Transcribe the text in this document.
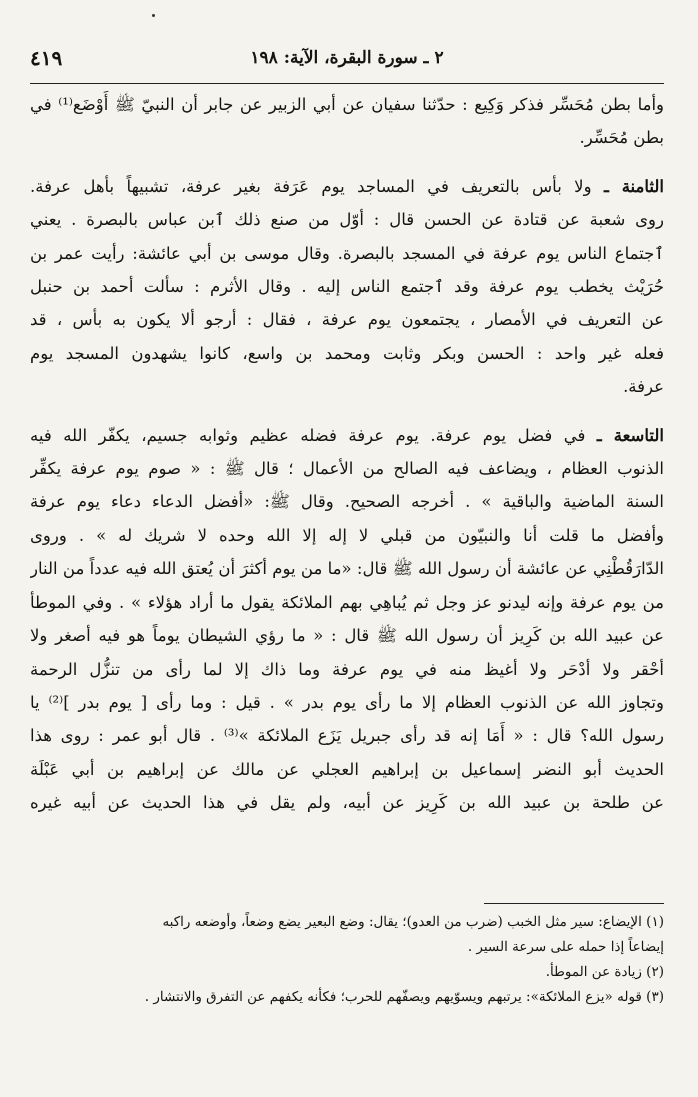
٢ ـ سورة البقرة، الآية: ١٩٨
٤١٩

وأما بطن مُحَسِّر فذكر وَكِيع : حدّثنا سفيان عن أبي الزبير عن جابر أن النبيّ ﷺ أَوْضَع⁽¹⁾ في
بطن مُحَسِّر.

الثامنة ـ ولا بأس بالتعريف في المساجد يوم عَرَفة بغير عرفة، تشبيهاً بأهل عرفة.
روى شعبة عن قتادة عن الحسن قال : أوّل من صنع ذلك ٱبن عباس بالبصرة . يعني
ٱجتماع الناس يوم عرفة في المسجد بالبصرة. وقال موسى بن أبي عائشة: رأيت عمر بن
حُرَيْث يخطب يوم عرفة وقد ٱجتمع الناس إليه . وقال الأثرم : سألت أحمد بن حنبل
عن التعريف في الأمصار ، يجتمعون يوم عرفة ، فقال : أرجو ألا يكون به بأس ، قد
فعله غير واحد : الحسن وبكر وثابت ومحمد بن واسع، كانوا يشهدون المسجد يوم
عرفة.

التاسعة ـ في فضل يوم عرفة. يوم عرفة فضله عظيم وثوابه جسيم، يكفّر الله فيه
الذنوب العظام ، ويضاعف فيه الصالح من الأعمال ؛ قال ﷺ : « صوم يوم عرفة يكفِّر
السنة الماضية والباقية » . أخرجه الصحيح. وقال ﷺ: «أفضل الدعاء دعاء يوم عرفة
وأفضل ما قلت أنا والنبيّون من قبلي لا إله إلا الله وحده لا شريك له » . وروى
الدّارَقُطْنِي عن عائشة أن رسول الله ﷺ قال: «ما من يوم أكثرَ أن يُعتق الله فيه عدداً من النار
من يوم عرفة وإنه ليدنو عز وجل ثم يُباهِي بهم الملائكة يقول ما أراد هؤلاء » . وفي الموطأ
عن عبيد الله بن كَرِيز أن رسول الله ﷺ قال : « ما رؤي الشيطان يوماً هو فيه أصغر ولا
أحْقر ولا أدْحَر ولا أغيظ منه في يوم عرفة وما ذاك إلا لما رأى من تنزُّل الرحمة
وتجاوز الله عن الذنوب العظام إلا ما رأى يوم بدر » . قيل : وما رأى [ يوم بدر ]⁽²⁾ يا
رسول الله؟ قال : « أَمَا إنه قد رأى جبريل يَزَع الملائكة »⁽³⁾ . قال أبو عمر : روى هذا
الحديث أبو النضر إسماعيل بن إبراهيم العجلي عن مالك عن إبراهيم بن أبي عَبْلَة
عن طلحة بن عبيد الله بن كَرِيز عن أبيه، ولم يقل في هذا الحديث عن أبيه غيره

(١) الإيضاع: سير مثل الخبب (ضرب من العدو)؛ يقال: وضع البعير يضع وضعاً، وأوضعه راكبه
إيضاعاً إذا حمله على سرعة السير .
(٢) زيادة عن الموطأ.
(٣) قوله «يزع الملائكة»: يرتبهم ويسوّيهم ويصفّهم للحرب؛ فكأنه يكفهم عن التفرق والانتشار .
